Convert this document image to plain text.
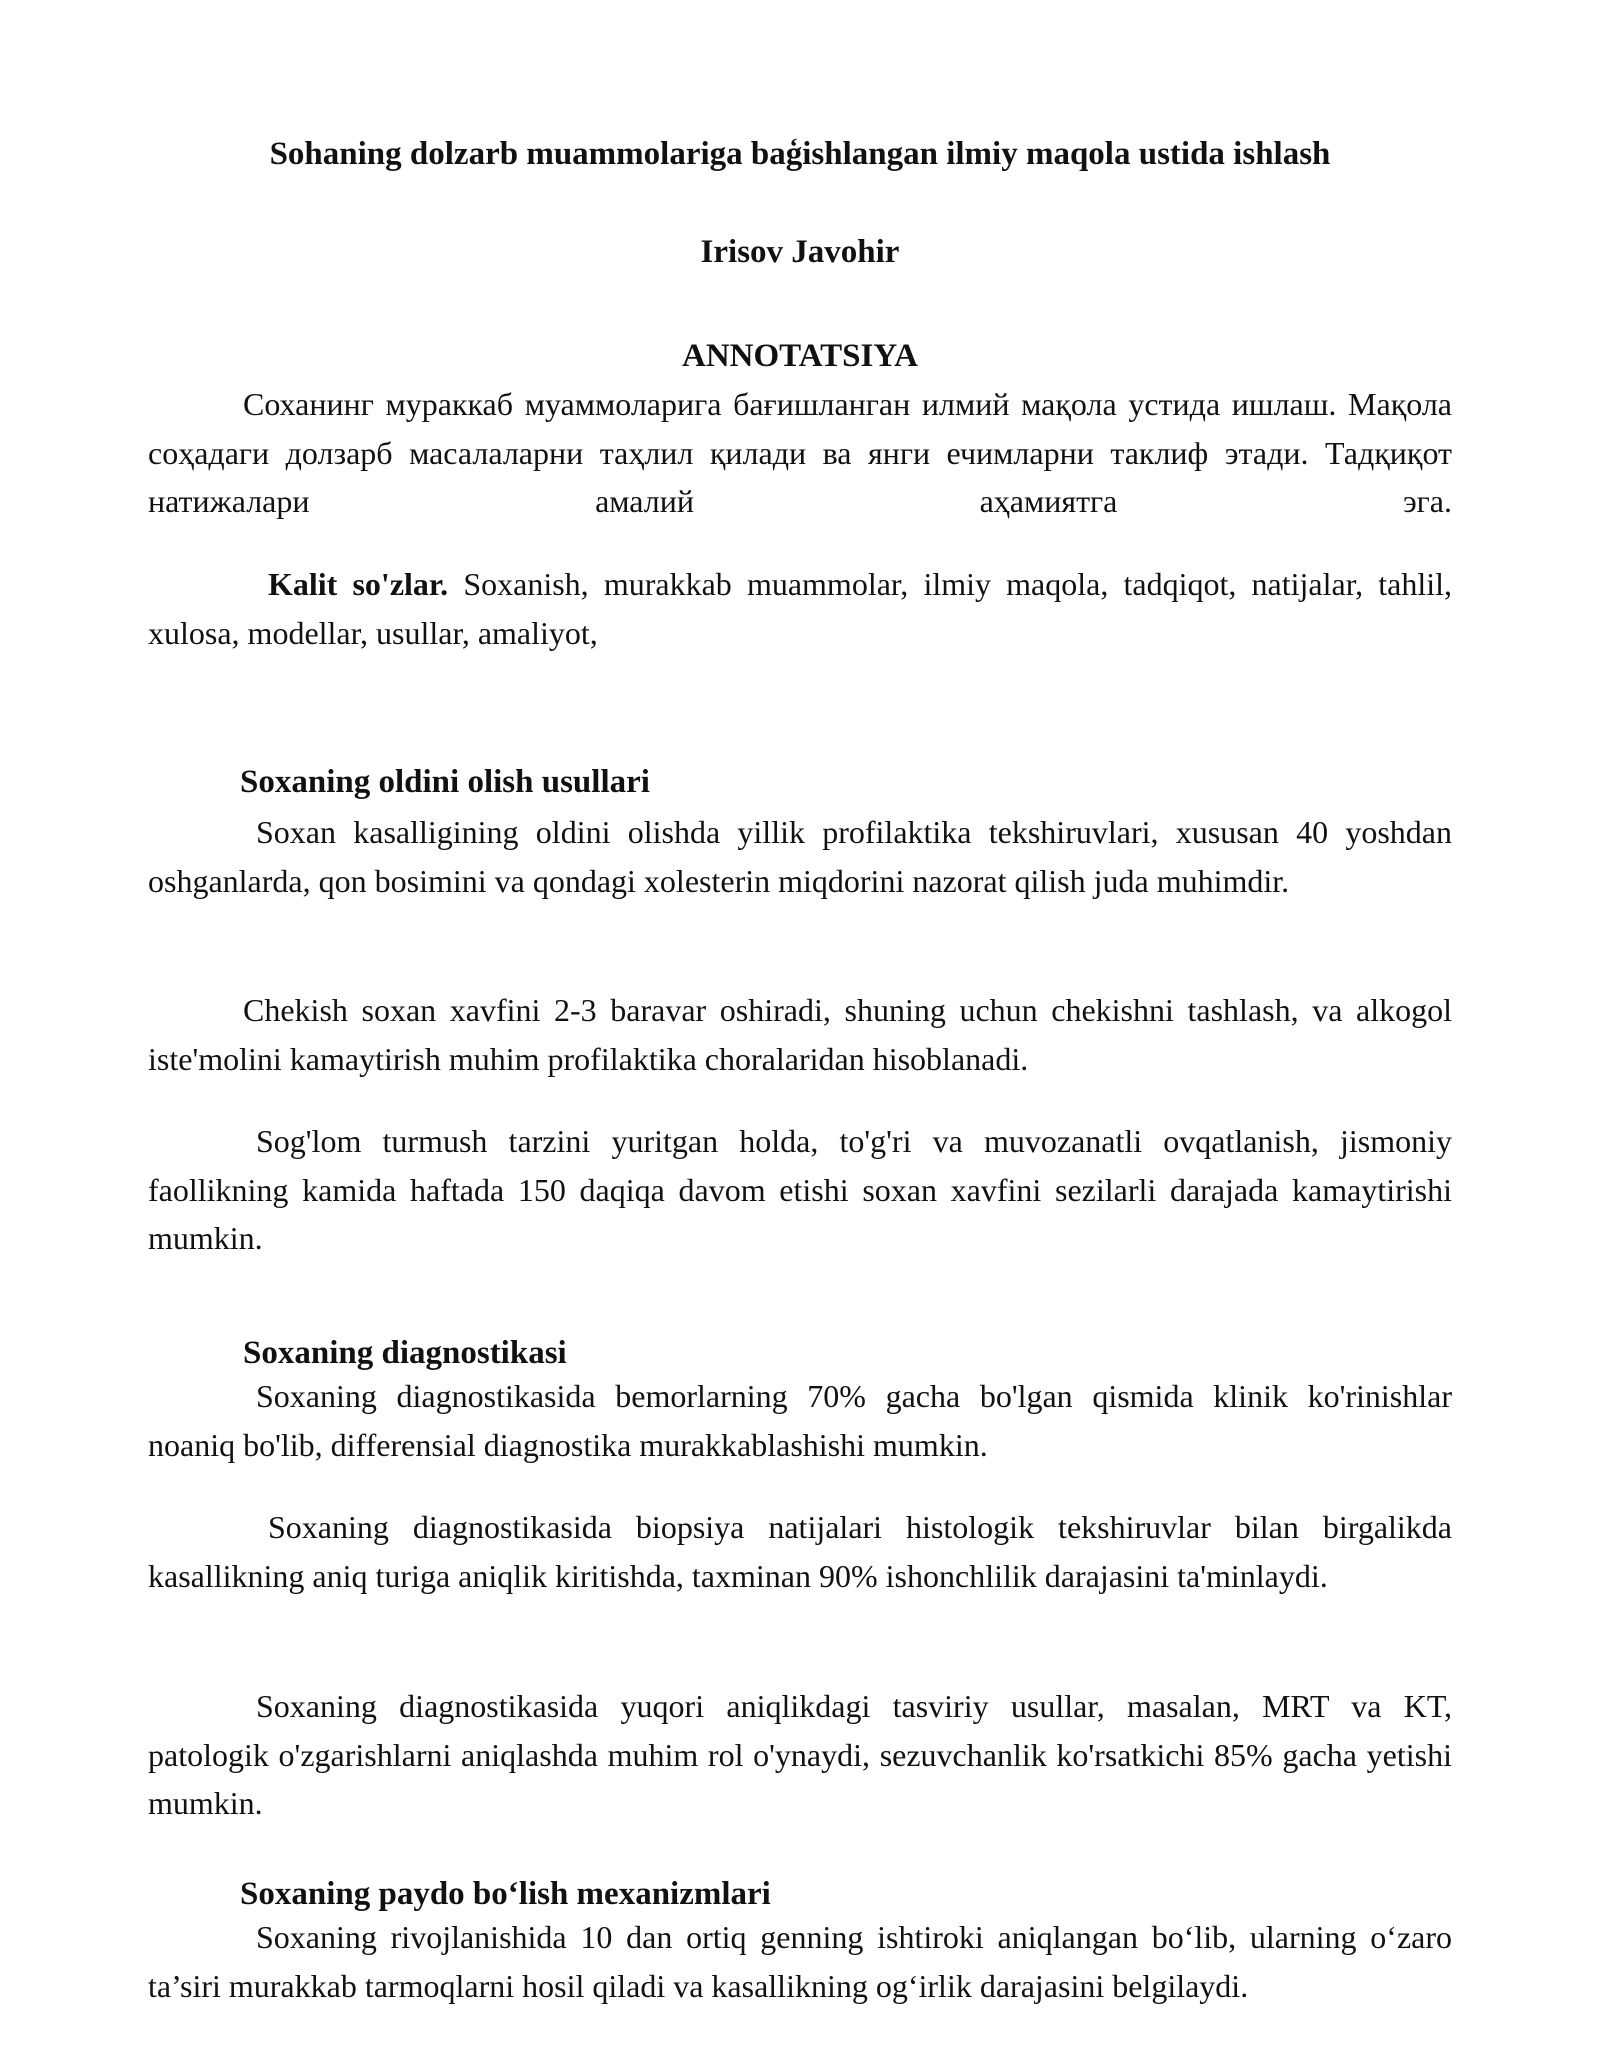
Sohaning dolzarb muammolariga baģishlangan ilmiy maqola ustida ishlash
Irisov Javohir
ANNOTATSIYA
Соханинг мураккаб муаммоларига бағишланган илмий мақола устида ишлаш. Мақола соҳадаги долзарб масалаларни таҳлил қилади ва янги ечимларни таклиф этади. Тадқиқот натижалари амалий аҳамиятга эга.
Kalit so'zlar. Soxanish, murakkab muammolar, ilmiy maqola, tadqiqot, natijalar, tahlil, xulosa, modellar, usullar, amaliyot,
Soxaning oldini olish usullari
Soxan kasalligining oldini olishda yillik profilaktika tekshiruvlari, xususan 40 yoshdan oshganlarda, qon bosimini va qondagi xolesterin miqdorini nazorat qilish juda muhimdir.
Chekish soxan xavfini 2-3 baravar oshiradi, shuning uchun chekishni tashlash, va alkogol iste'molini kamaytirish muhim profilaktika choralaridan hisoblanadi.
Sog'lom turmush tarzini yuritgan holda, to'g'ri va muvozanatli ovqatlanish, jismoniy faollikning kamida haftada 150 daqiqa davom etishi soxan xavfini sezilarli darajada kamaytirishi mumkin.
Soxaning diagnostikasi
Soxaning diagnostikasida bemorlarning 70% gacha bo'lgan qismida klinik ko'rinishlar noaniq bo'lib, differensial diagnostika murakkablashishi mumkin.
Soxaning diagnostikasida biopsiya natijalari histologik tekshiruvlar bilan birgalikda kasallikning aniq turiga aniqlik kiritishda, taxminan 90% ishonchlilik darajasini ta'minlaydi.
Soxaning diagnostikasida yuqori aniqlikdagi tasviriy usullar, masalan, MRT va KT, patologik o'zgarishlarni aniqlashda muhim rol o'ynaydi, sezuvchanlik ko'rsatkichi 85% gacha yetishi mumkin.
Soxaning paydo bo‘lish mexanizmlari
Soxaning rivojlanishida 10 dan ortiq genning ishtiroki aniqlangan bo‘lib, ularning o‘zaro ta’siri murakkab tarmoqlarni hosil qiladi va kasallikning og‘irlik darajasini belgilaydi.
